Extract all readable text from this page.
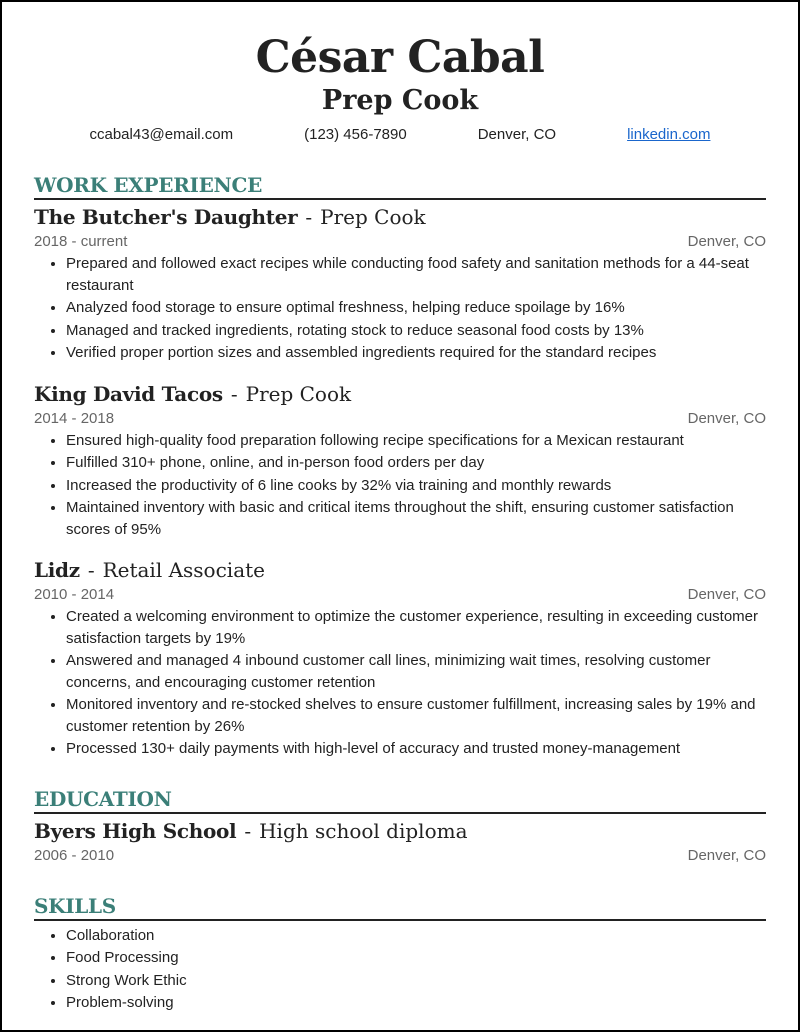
César Cabal
Prep Cook
ccabal43@email.com	(123) 456-7890	Denver, CO	linkedin.com
WORK EXPERIENCE
The Butcher's Daughter - Prep Cook
2018 - current	Denver, CO
• Prepared and followed exact recipes while conducting food safety and sanitation methods for a 44-seat restaurant
• Analyzed food storage to ensure optimal freshness, helping reduce spoilage by 16%
• Managed and tracked ingredients, rotating stock to reduce seasonal food costs by 13%
• Verified proper portion sizes and assembled ingredients required for the standard recipes
King David Tacos - Prep Cook
2014 - 2018	Denver, CO
• Ensured high-quality food preparation following recipe specifications for a Mexican restaurant
• Fulfilled 310+ phone, online, and in-person food orders per day
• Increased the productivity of 6 line cooks by 32% via training and monthly rewards
• Maintained inventory with basic and critical items throughout the shift, ensuring customer satisfaction scores of 95%
Lidz - Retail Associate
2010 - 2014	Denver, CO
• Created a welcoming environment to optimize the customer experience, resulting in exceeding customer satisfaction targets by 19%
• Answered and managed 4 inbound customer call lines, minimizing wait times, resolving customer concerns, and encouraging customer retention
• Monitored inventory and re-stocked shelves to ensure customer fulfillment, increasing sales by 19% and customer retention by 26%
• Processed 130+ daily payments with high-level of accuracy and trusted money-management
EDUCATION
Byers High School - High school diploma
2006 - 2010	Denver, CO
SKILLS
• Collaboration
• Food Processing
• Strong Work Ethic
• Problem-solving
